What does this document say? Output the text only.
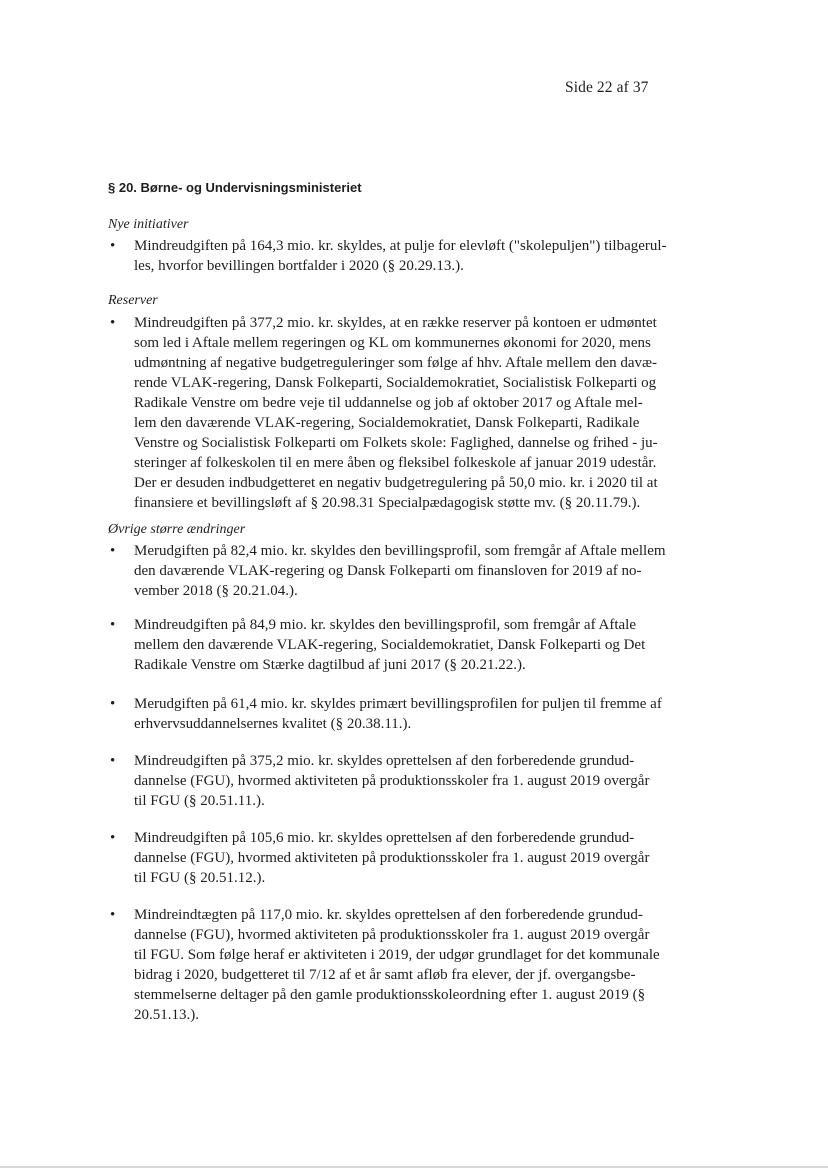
Side 22 af 37
§ 20. Børne- og Undervisningsministeriet
Nye initiativer
•	Mindreudgiften på 164,3 mio. kr. skyldes, at pulje for elevløft ("skolepuljen") tilbagerul-
les, hvorfor bevillingen bortfalder i 2020 (§ 20.29.13.).

Reserver
•	Mindreudgiften på 377,2 mio. kr. skyldes, at en række reserver på kontoen er udmøntet
som led i Aftale mellem regeringen og KL om kommunernes økonomi for 2020, mens
udmøntning af negative budgetreguleringer som følge af hhv. Aftale mellem den davæ-
rende VLAK-regering, Dansk Folkeparti, Socialdemokratiet, Socialistisk Folkeparti og
Radikale Venstre om bedre veje til uddannelse og job af oktober 2017 og Aftale mel-
lem den daværende VLAK-regering, Socialdemokratiet, Dansk Folkeparti, Radikale
Venstre og Socialistisk Folkeparti om Folkets skole: Faglighed, dannelse og frihed - ju-
steringer af folkeskolen til en mere åben og fleksibel folkeskole af januar 2019 udestår.
Der er desuden indbudgetteret en negativ budgetregulering på 50,0 mio. kr. i 2020 til at
finansiere et bevillingsløft af § 20.98.31 Specialpædagogisk støtte mv. (§ 20.11.79.).

Øvrige større ændringer
•	Merudgiften på 82,4 mio. kr. skyldes den bevillingsprofil, som fremgår af Aftale mellem
den daværende VLAK-regering og Dansk Folkeparti om finansloven for 2019 af no-
vember 2018 (§ 20.21.04.).

•	Mindreudgiften på 84,9 mio. kr. skyldes den bevillingsprofil, som fremgår af Aftale
mellem den daværende VLAK-regering, Socialdemokratiet, Dansk Folkeparti og Det
Radikale Venstre om Stærke dagtilbud af juni 2017 (§ 20.21.22.).

•	Merudgiften på 61,4 mio. kr. skyldes primært bevillingsprofilen for puljen til fremme af
erhvervsuddannelsernes kvalitet (§ 20.38.11.).

•	Mindreudgiften på 375,2 mio. kr. skyldes oprettelsen af den forberedende grundud-
dannelse (FGU), hvormed aktiviteten på produktionsskoler fra 1. august 2019 overgår
til FGU (§ 20.51.11.).

•	Mindreudgiften på 105,6 mio. kr. skyldes oprettelsen af den forberedende grundud-
dannelse (FGU), hvormed aktiviteten på produktionsskoler fra 1. august 2019 overgår
til FGU (§ 20.51.12.).

•	Mindreindtægten på 117,0 mio. kr. skyldes oprettelsen af den forberedende grundud-
dannelse (FGU), hvormed aktiviteten på produktionsskoler fra 1. august 2019 overgår
til FGU. Som følge heraf er aktiviteten i 2019, der udgør grundlaget for det kommunale
bidrag i 2020, budgetteret til 7/12 af et år samt afløb fra elever, der jf. overgangsbe-
stemmelserne deltager på den gamle produktionsskoleordning efter 1. august 2019 (§
20.51.13.).
